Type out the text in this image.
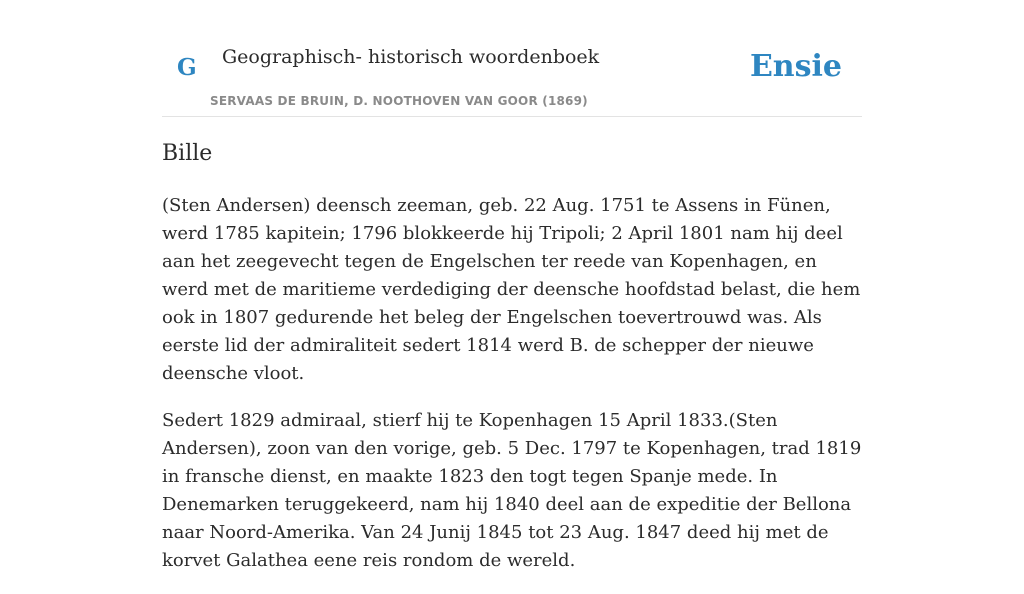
G Geographisch- historisch woordenboek
SERVAAS DE BRUIN, D. NOOTHOVEN VAN GOOR (1869)
Ensie
Bille

(Sten Andersen) deensch zeeman, geb. 22 Aug. 1751 te Assens in Fünen, werd 1785 kapitein; 1796 blokkeerde hij Tripoli; 2 April 1801 nam hij deel aan het zeegevecht tegen de Engelschen ter reede van Kopenhagen, en werd met de maritieme verdediging der deensche hoofdstad belast, die hem ook in 1807 gedurende het beleg der Engelschen toevertrouwd was. Als eerste lid der admiraliteit sedert 1814 werd B. de schepper der nieuwe deensche vloot.

Sedert 1829 admiraal, stierf hij te Kopenhagen 15 April 1833.(Sten Andersen), zoon van den vorige, geb. 5 Dec. 1797 te Kopenhagen, trad 1819 in fransche dienst, en maakte 1823 den togt tegen Spanje mede. In Denemarken teruggekeerd, nam hij 1840 deel aan de expeditie der Bellona naar Noord-Amerika. Van 24 Junij 1845 tot 23 Aug. 1847 deed hij met de korvet Galathea eene reis rondom de wereld.
